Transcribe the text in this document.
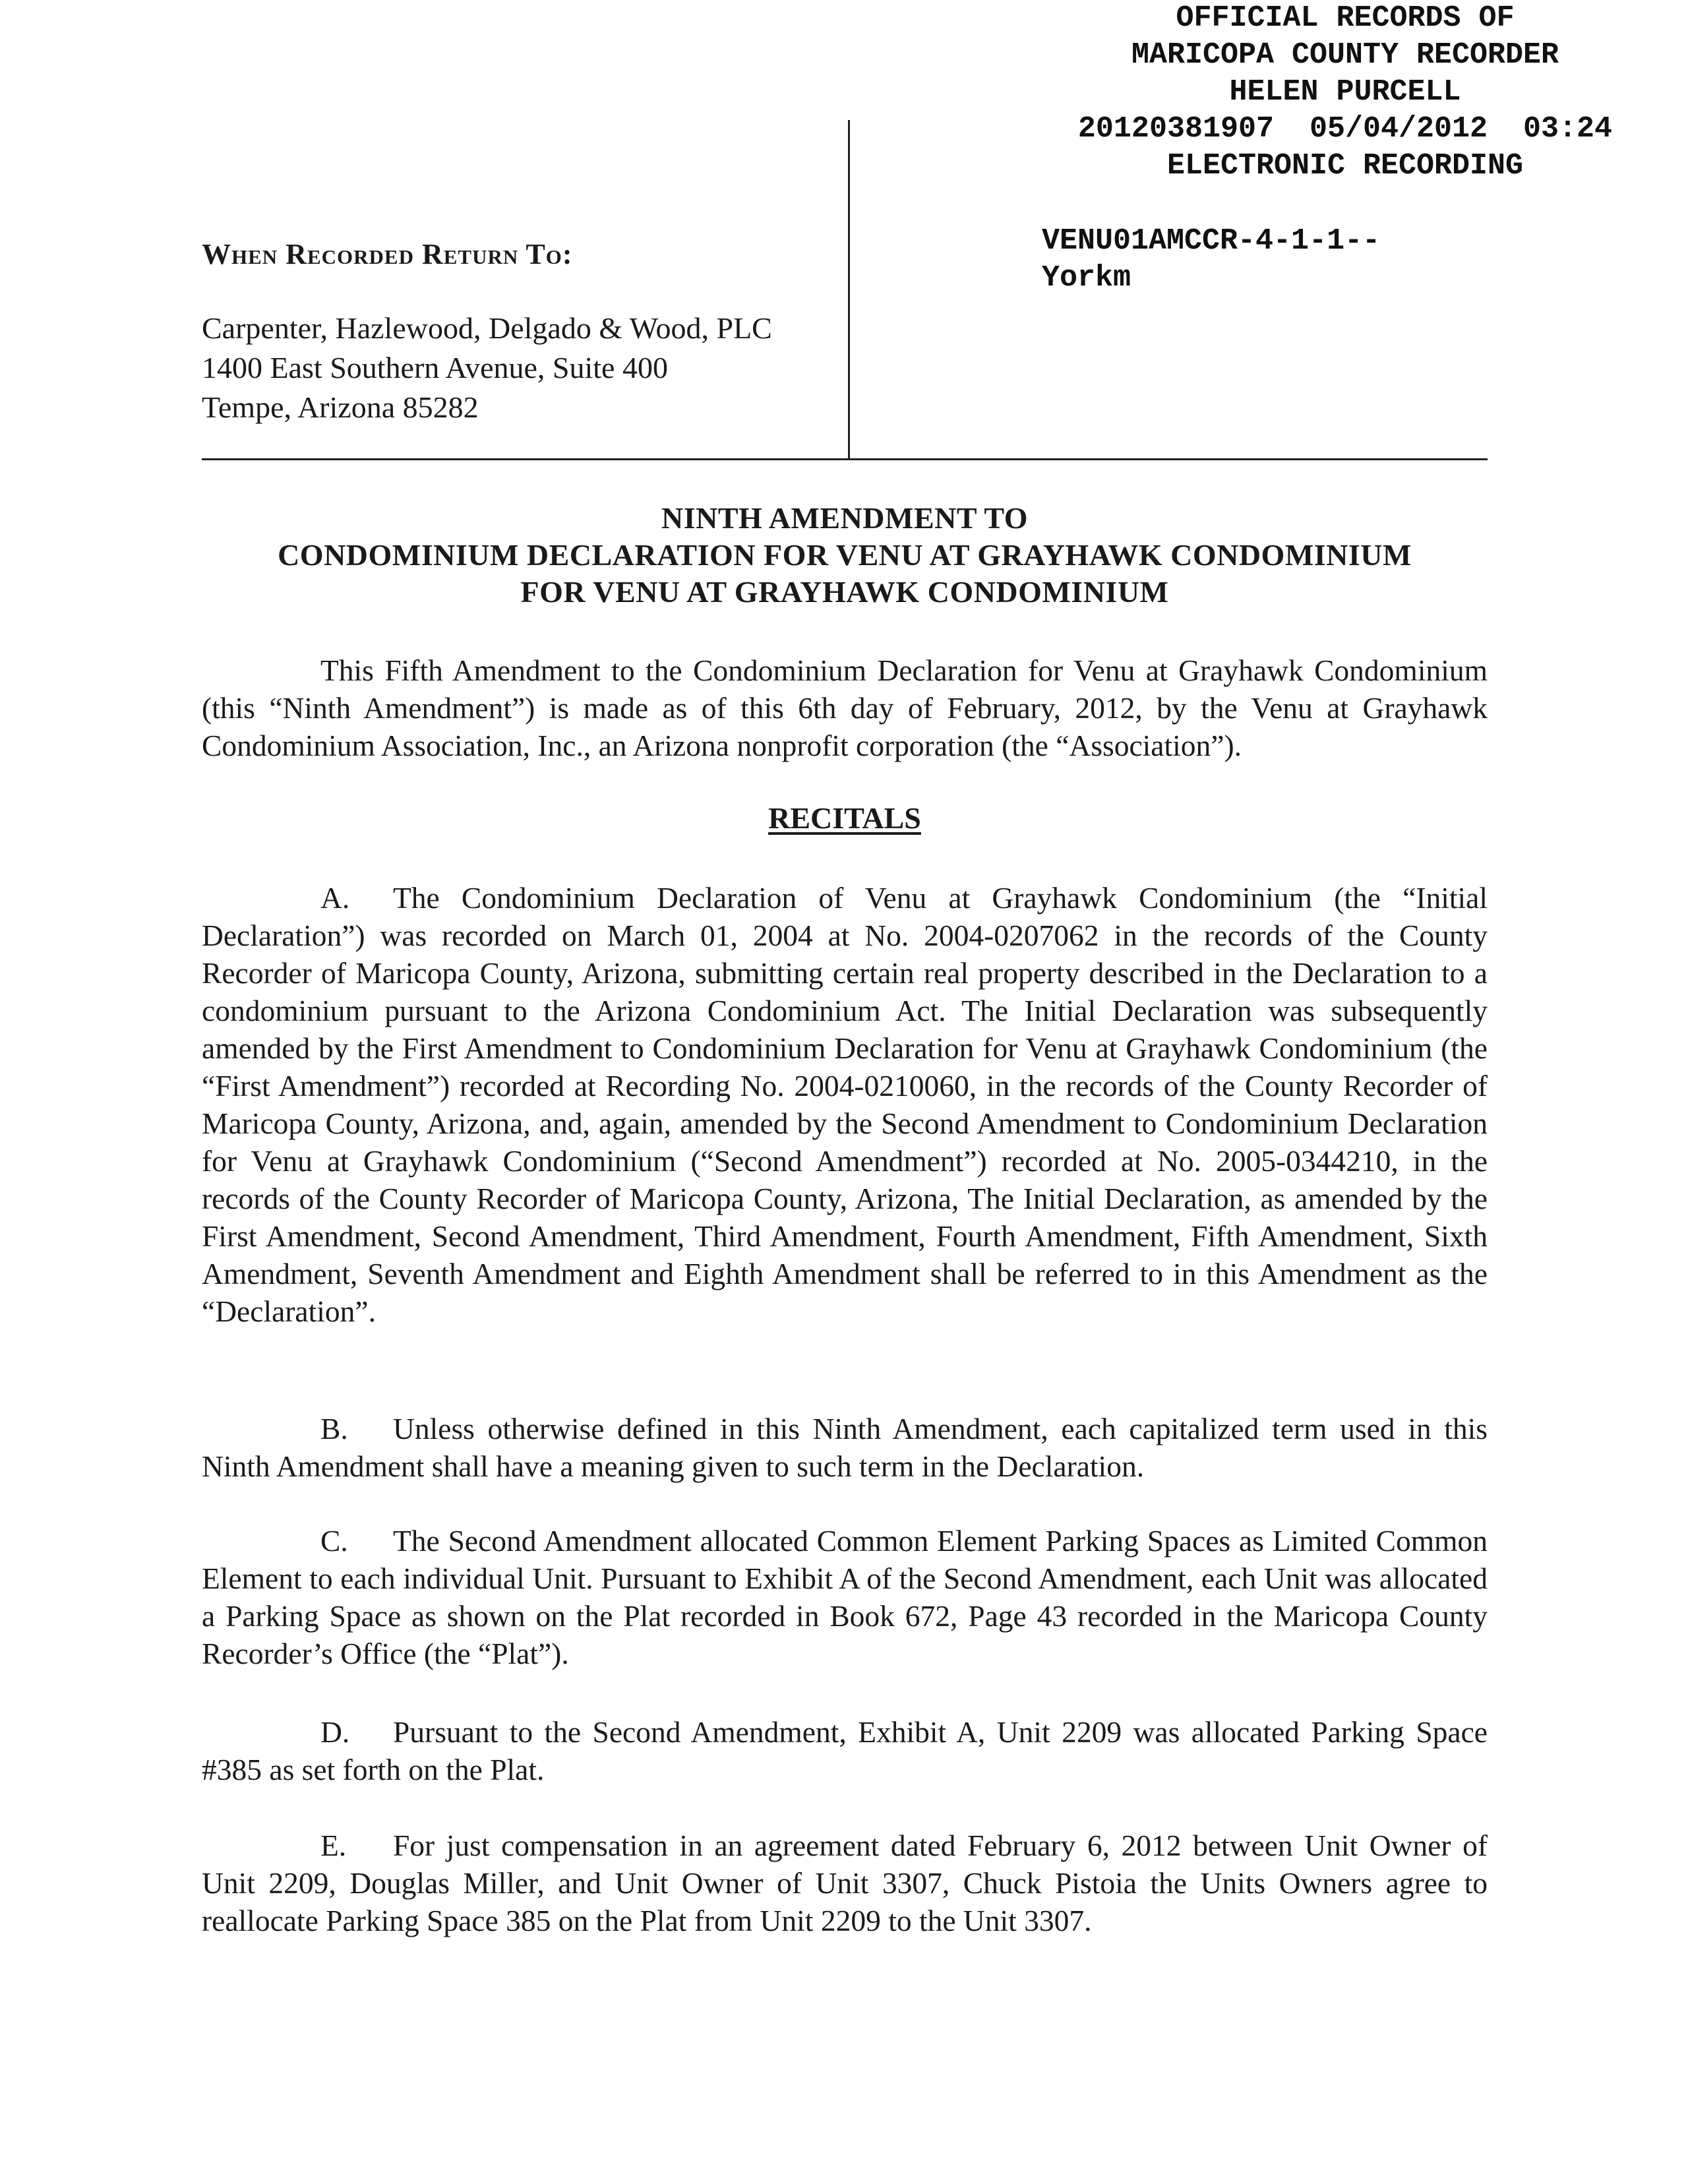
OFFICIAL RECORDS OF
MARICOPA COUNTY RECORDER
HELEN PURCELL
20120381907  05/04/2012  03:24
ELECTRONIC RECORDING
VENU01AMCCR-4-1-1--
Yorkm
When Recorded Return To:
Carpenter, Hazlewood, Delgado & Wood, PLC
1400 East Southern Avenue, Suite 400
Tempe, Arizona 85282
NINTH AMENDMENT TO
CONDOMINIUM DECLARATION FOR VENU AT GRAYHAWK CONDOMINIUM
FOR VENU AT GRAYHAWK CONDOMINIUM
This Fifth Amendment to the Condominium Declaration for Venu at Grayhawk Condominium (this “Ninth Amendment”) is made as of this 6th day of February, 2012, by the Venu at Grayhawk Condominium Association, Inc., an Arizona nonprofit corporation (the “Association”).
RECITALS
A. The Condominium Declaration of Venu at Grayhawk Condominium (the “Initial Declaration”) was recorded on March 01, 2004 at No. 2004-0207062 in the records of the County Recorder of Maricopa County, Arizona, submitting certain real property described in the Declaration to a condominium pursuant to the Arizona Condominium Act. The Initial Declaration was subsequently amended by the First Amendment to Condominium Declaration for Venu at Grayhawk Condominium (the “First Amendment”) recorded at Recording No. 2004-0210060, in the records of the County Recorder of Maricopa County, Arizona, and, again, amended by the Second Amendment to Condominium Declaration for Venu at Grayhawk Condominium (“Second Amendment”) recorded at No. 2005-0344210, in the records of the County Recorder of Maricopa County, Arizona, The Initial Declaration, as amended by the First Amendment, Second Amendment, Third Amendment, Fourth Amendment, Fifth Amendment, Sixth Amendment, Seventh Amendment and Eighth Amendment shall be referred to in this Amendment as the “Declaration”.
B. Unless otherwise defined in this Ninth Amendment, each capitalized term used in this Ninth Amendment shall have a meaning given to such term in the Declaration.
C. The Second Amendment allocated Common Element Parking Spaces as Limited Common Element to each individual Unit. Pursuant to Exhibit A of the Second Amendment, each Unit was allocated a Parking Space as shown on the Plat recorded in Book 672, Page 43 recorded in the Maricopa County Recorder’s Office (the “Plat”).
D. Pursuant to the Second Amendment, Exhibit A, Unit 2209 was allocated Parking Space #385 as set forth on the Plat.
E. For just compensation in an agreement dated February 6, 2012 between Unit Owner of Unit 2209, Douglas Miller, and Unit Owner of Unit 3307, Chuck Pistoia the Units Owners agree to reallocate Parking Space 385 on the Plat from Unit 2209 to the Unit 3307.
